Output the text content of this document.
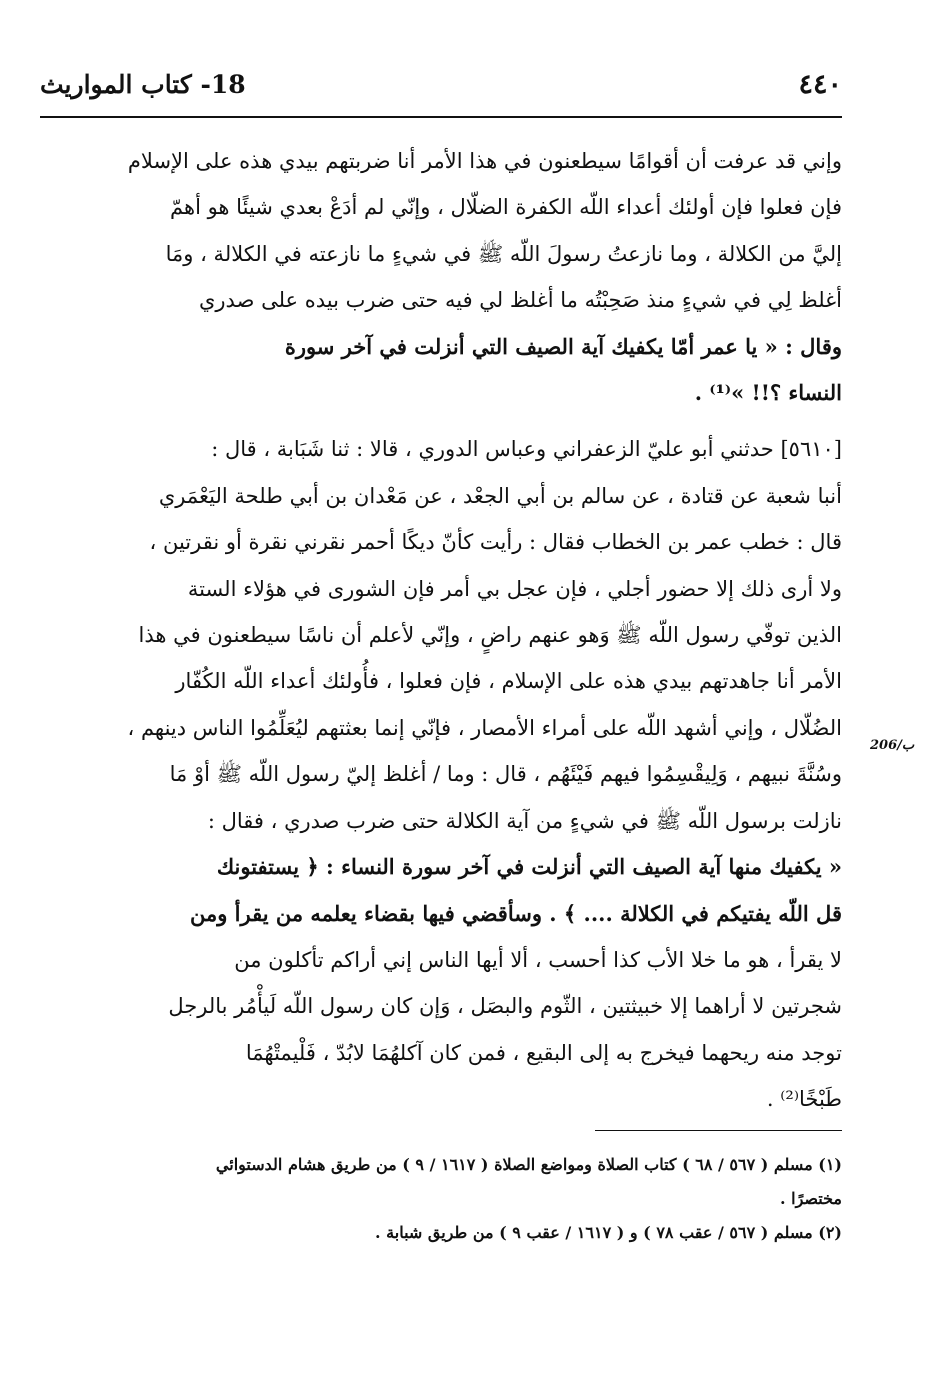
٤٤٠
18- كتاب المواريث
206/ب

وإني قد عرفت أن أقوامًا سيطعنون في هذا الأمر أنا ضربتهم بيدي هذه على الإسلام
فإن فعلوا فإن أولئك أعداء اللّه الكفرة الضلّال ، وإنّي لم أدَعْ بعدي شيئًا هو أهمّ
إليَّ من الكلالة ، وما نازعتُ رسولَ اللّه ﷺ في شيءٍ ما نازعته في الكلالة ، ومَا
أغلظ لِي في شيءٍ منذ صَحِبْتُه ما أغلظ لي فيه حتى ضرب بيده على صدري
وقال : « يا عمر أمّا يكفيك آية الصيف التي أنزلت في آخر سورة
النساء ؟!! »⁽¹⁾ .

[٥٦١٠] حدثني أبو عليّ الزعفراني وعباس الدوري ، قالا : ثنا شَبَابة ، قال :
أنبا شعبة عن قتادة ، عن سالم بن أبي الجعْد ، عن مَعْدان بن أبي طلحة اليَعْمَري
قال : خطب عمر بن الخطاب فقال : رأيت كأنّ ديكًا أحمر نقرني نقرة أو نقرتين ،
ولا أرى ذلك إلا حضور أجلي ، فإن عجل بي أمر فإن الشورى في هؤلاء الستة
الذين توفّي رسول اللّه ﷺ وَهو عنهم راضٍ ، وإنّي لأعلم أن ناسًا سيطعنون في هذا
الأمر أنا جاهدتهم بيدي هذه على الإسلام ، فإن فعلوا ، فأُولئك أعداء اللّه الكُفّار
الضُلّال ، وإني أشهد اللّه على أمراء الأمصار ، فإنّي إنما بعثتهم ليُعَلِّمُوا الناس دينهم ،
وسُنَّةَ نبيهم ، وَلِيقْسِمُوا فيهم فَيْئَهُم ، قال : وما / أغلظ إليّ رسول اللّه ﷺ أوْ مَا
نازلت برسول اللّه ﷺ في شيءٍ من آية الكلالة حتى ضرب صدري ، فقال :
« يكفيك منها آية الصيف التي أنزلت في آخر سورة النساء : ﴿ يستفتونك
قل اللّه يفتيكم في الكلالة .... ﴾ . وسأقضي فيها بقضاء يعلمه من يقرأ ومن
لا يقرأ ، هو ما خلا الأب كذا أحسب ، ألا أيها الناس إني أراكم تأكلون من
شجرتين لا أراهما إلا خبيثتين ، الثّوم والبصَل ، وَإن كان رسول اللّه لَيأْمُر بالرجل
توجد منه ريحهما فيخرج به إلى البقيع ، فمن كان آكلهُمَا لابُدّ ، فَلْيمتْهُمَا
طَبْخًا⁽²⁾ .

(١) مسلم ( ٥٦٧ / ٦٨ ) كتاب الصلاة ومواضع الصلاة ( ١٦١٧ / ٩ ) من طريق هشام الدستوائي
مختصرًا .

(٢) مسلم ( ٥٦٧ / عقب ٧٨ ) و ( ١٦١٧ / عقب ٩ ) من طريق شبابة .
